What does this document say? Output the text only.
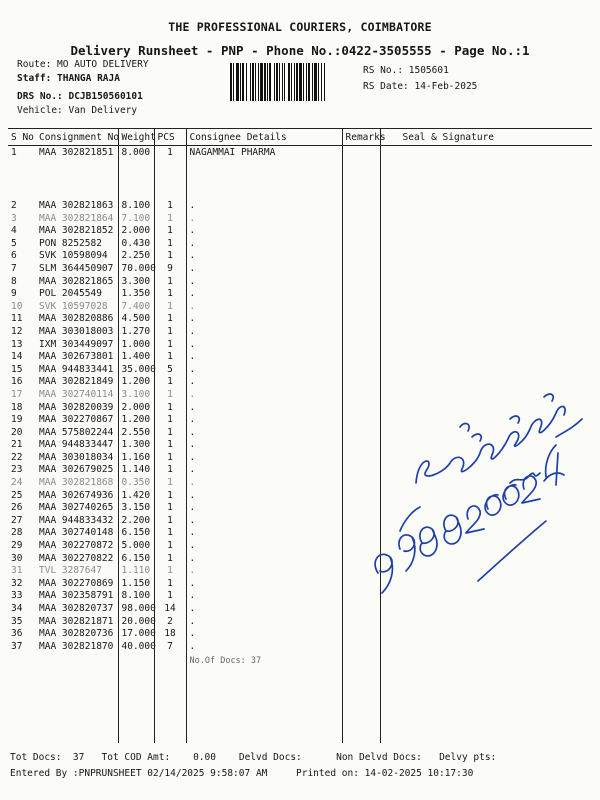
THE PROFESSIONAL COURIERS, COIMBATORE
Delivery Runsheet - PNP - Phone No.:0422-3505555 - Page No.:1
Route: MO AUTO DELIVERY
Staff: THANGA RAJA
DRS No.: DCJB150560101
Vehicle: Van Delivery
RS No.: 1505601
RS Date: 14-Feb-2025
S No	Consignment No	Weight	PCS	Consignee Details	Remarks	Seal & Signature
1	MAA 302821851	8.000	1	NAGAMMAI PHARMA		
2	MAA 302821863	8.100	1	.		
3	MAA 302821864	7.100	1	.		
4	MAA 302821852	2.000	1	.		
5	PON 8252582	0.430	1	.		
6	SVK 10598094	2.250	1	.		
7	SLM 364450907	70.000	9	.		
8	MAA 302821865	3.300	1	.		
9	POL 2045549	1.350	1	.		
10	SVK 10597028	7.400	1	.		
11	MAA 302820886	4.500	1	.		
12	MAA 303018003	1.270	1	.		
13	IXM 303449097	1.000	1	.		
14	MAA 302673801	1.400	1	.		
15	MAA 944833441	35.000	5	.		
16	MAA 302821849	1.200	1	.		
17	MAA 302740114	3.100	1	.		
18	MAA 302820039	2.000	1	.		
19	MAA 302270867	1.200	1	.		
20	MAA 575802244	2.550	1	.		
21	MAA 944833447	1.300	1	.		
22	MAA 303018034	1.160	1	.		
23	MAA 302679025	1.140	1	.		
24	MAA 302821868	0.350	1	.		
25	MAA 302674936	1.420	1	.		
26	MAA 302740265	3.150	1	.		
27	MAA 944833432	2.200	1	.		
28	MAA 302740148	6.150	1	.		
29	MAA 302270872	5.000	1	.		
30	MAA 302270822	6.150	1	.		
31	TVL 3287647	1.110	1	.		
32	MAA 302270869	1.150	1	.		
33	MAA 302358791	8.100	1	.		
34	MAA 302820737	98.000	14	.		
35	MAA 302821871	20.000	2	.		
36	MAA 302820736	17.000	18	.		
37	MAA 302821870	40.000	7	.		

				No.Of Docs: 37		

Tot Docs:  37 Tot COD Amt: 0.00 Delvd Docs:	Non Delvd Docs: Delvy pts:
Entered By :PNPRUNSHEET 02/14/2025 9:58:07 AM	Printed on: 14-02-2025 10:17:30
